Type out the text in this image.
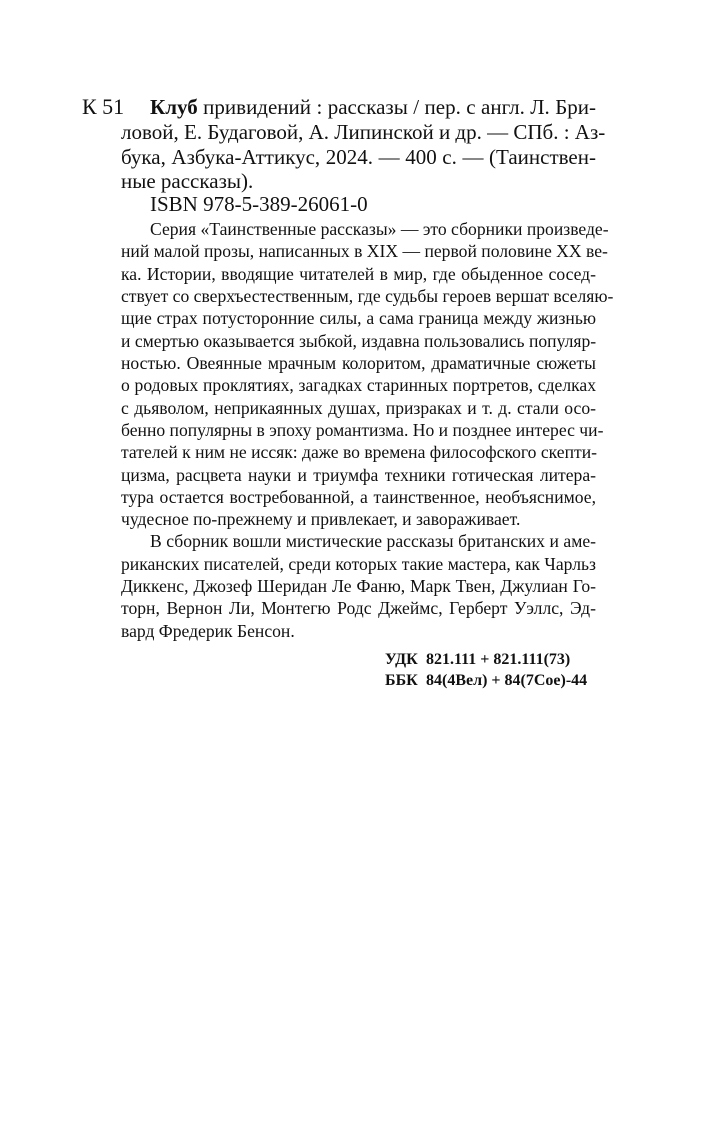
К 51 Клуб привидений : рассказы / пер. с англ. Л. Бри-
ловой, Е. Будаговой, А. Липинской и др. — СПб. : Аз-
бука, Азбука-Аттикус, 2024. — 400 с. — (Таинствен-
ные рассказы).
ISBN 978-5-389-26061-0
Серия «Таинственные рассказы» — это сборники произведе-
ний малой прозы, написанных в XIX — первой половине XX ве-
ка. Истории, вводящие читателей в мир, где обыденное сосед-
ствует со сверхъестественным, где судьбы героев вершат вселяю-
щие страх потусторонние силы, а сама граница между жизнью
и смертью оказывается зыбкой, издавна пользовались популяр-
ностью. Овеянные мрачным колоритом, драматичные сюжеты
о родовых проклятиях, загадках старинных портретов, сделках
с дьяволом, неприкаянных душах, призраках и т. д. стали осо-
бенно популярны в эпоху романтизма. Но и позднее интерес чи-
тателей к ним не иссяк: даже во времена философского скепти-
цизма, расцвета науки и триумфа техники готическая литера-
тура остается востребованной, а таинственное, необъяснимое,
чудесное по-прежнему и привлекает, и завораживает.
В сборник вошли мистические рассказы британских и аме-
риканских писателей, среди которых такие мастера, как Чарльз
Диккенс, Джозеф Шеридан Ле Фаню, Марк Твен, Джулиан Го-
торн, Вернон Ли, Монтегю Родс Джеймс, Герберт Уэллс, Эд-
вард Фредерик Бенсон.
УДК 821.111 + 821.111(73)
ББК 84(4Вел) + 84(7Сое)-44
